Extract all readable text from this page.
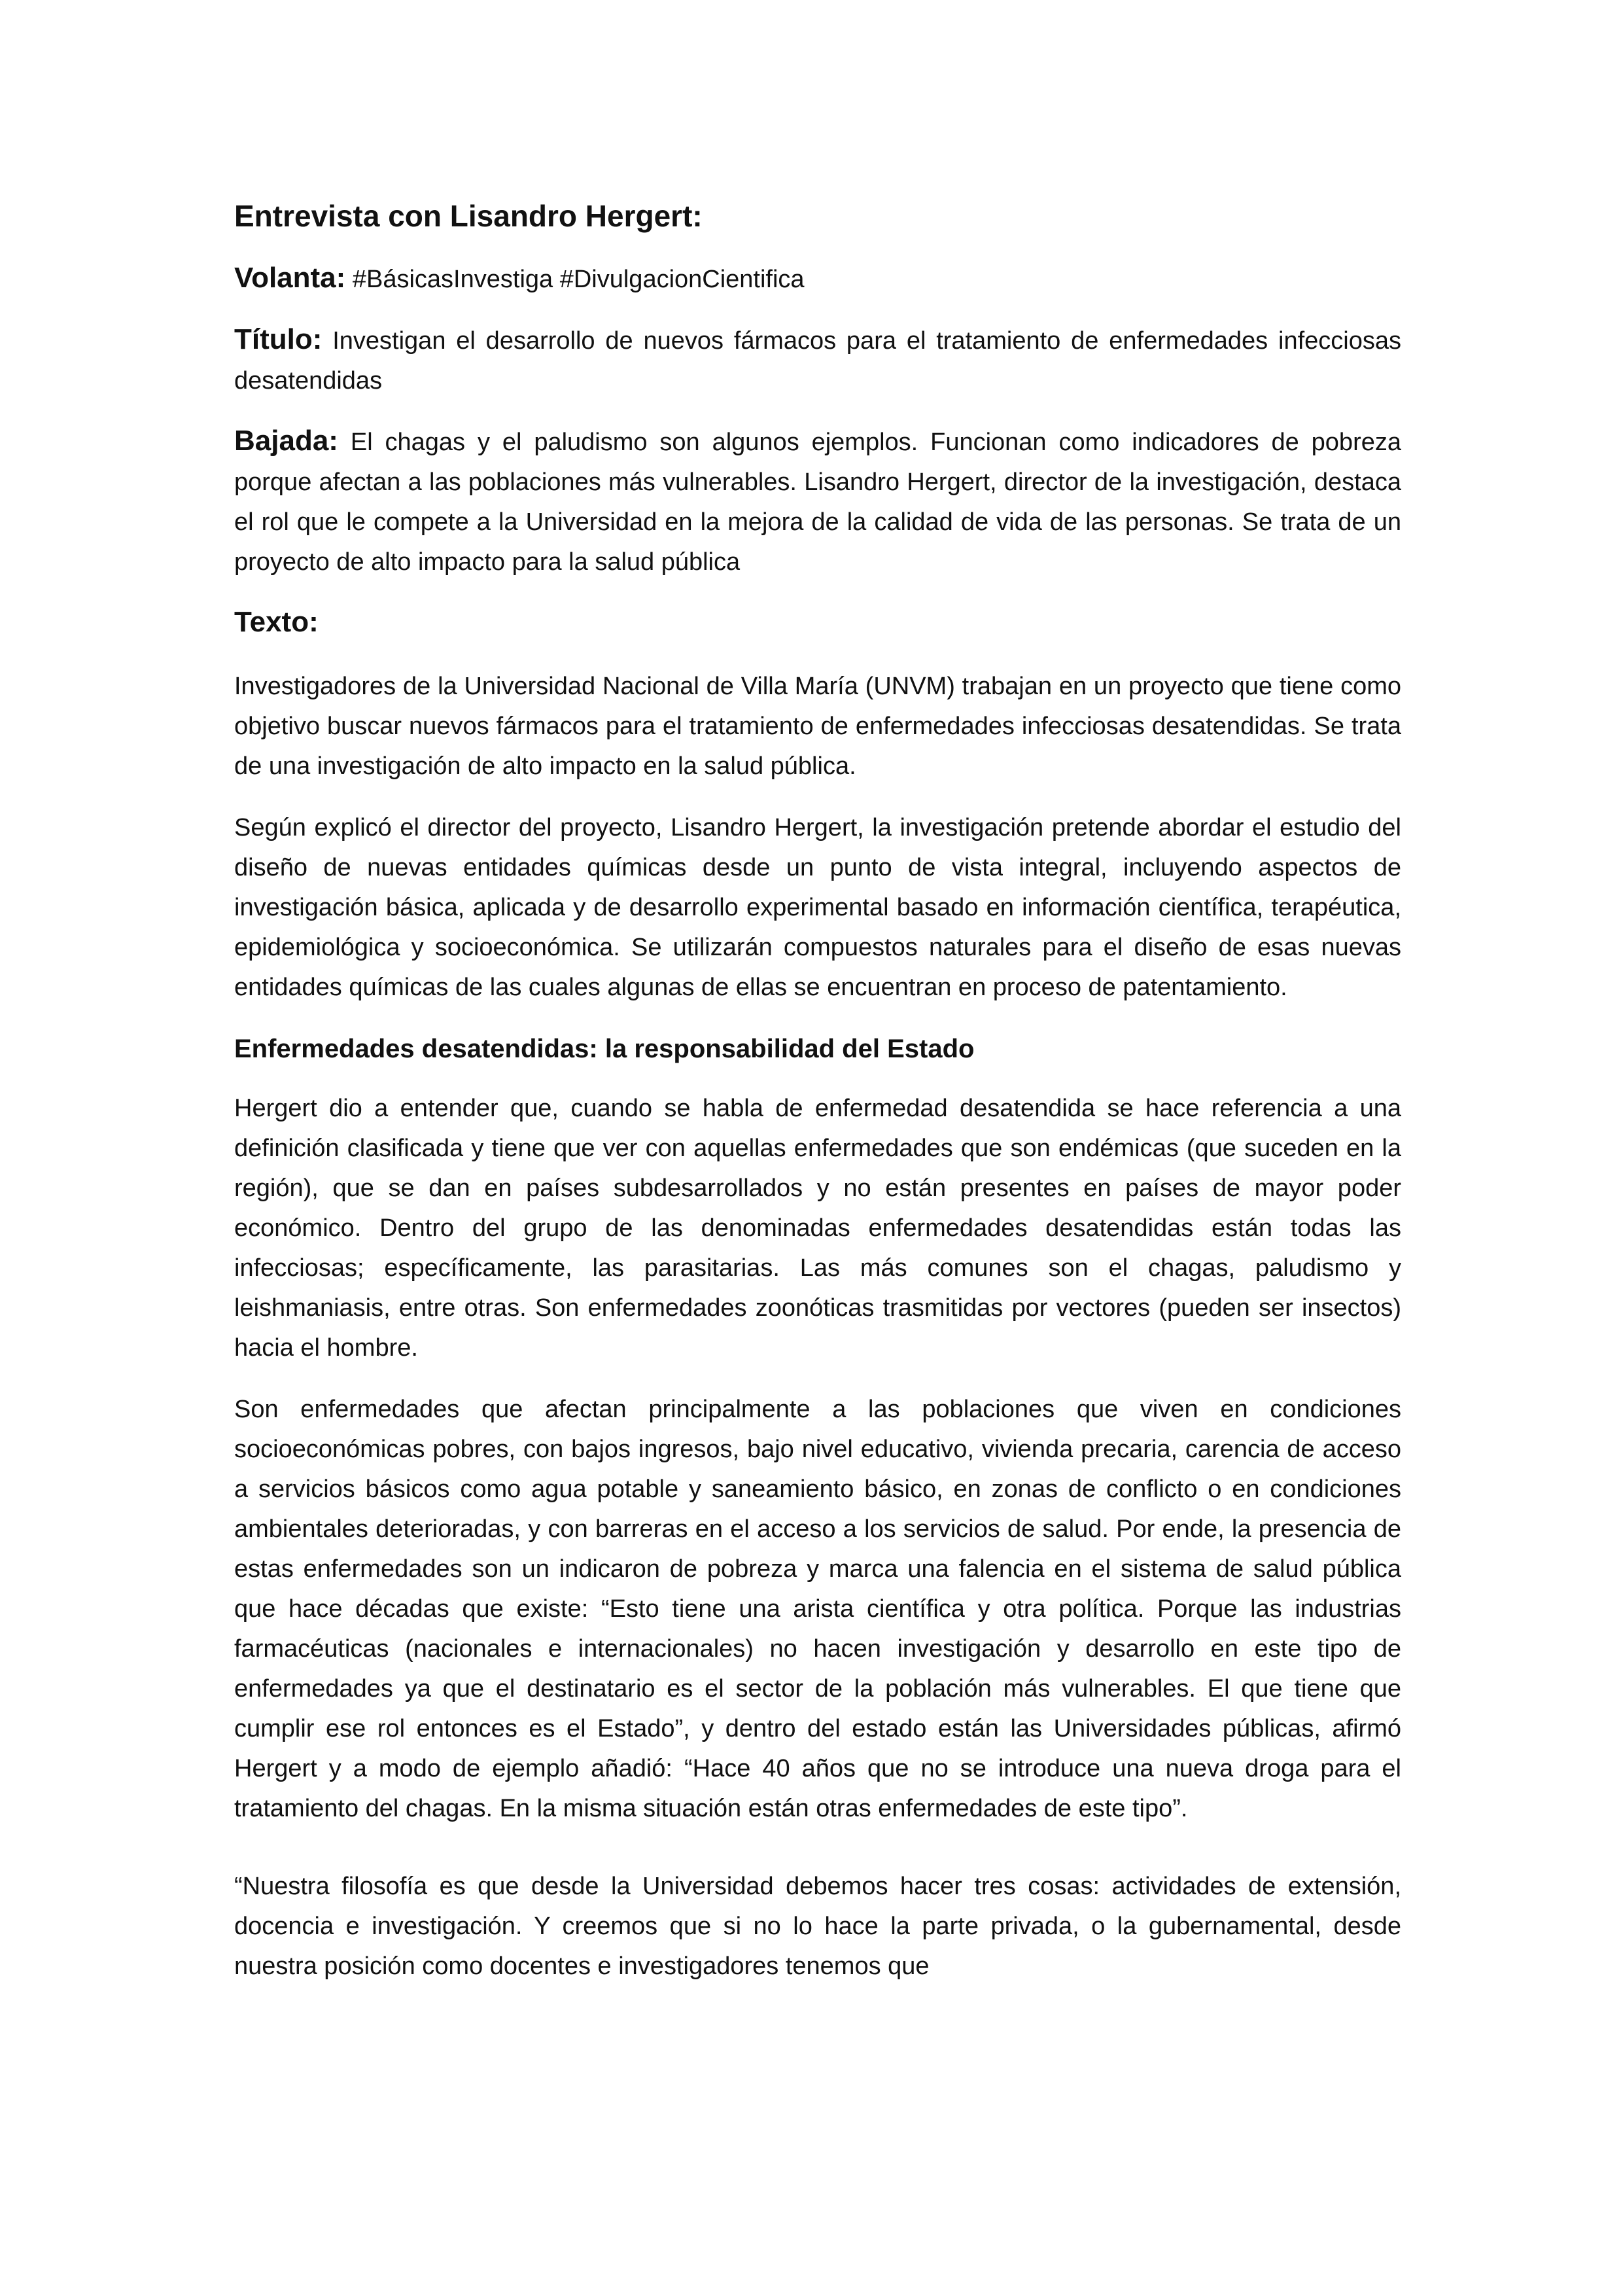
Entrevista con Lisandro Hergert:

Volanta: #BásicasInvestiga #DivulgacionCientifica

Título: Investigan el desarrollo de nuevos fármacos para el tratamiento de enfermedades infecciosas desatendidas

Bajada: El chagas y el paludismo son algunos ejemplos. Funcionan como indicadores de pobreza porque afectan a las poblaciones más vulnerables. Lisandro Hergert, director de la investigación, destaca el rol que le compete a la Universidad en la mejora de la calidad de vida de las personas. Se trata de un proyecto de alto impacto para la salud pública

Texto:

Investigadores de la Universidad Nacional de Villa María (UNVM) trabajan en un proyecto que tiene como objetivo buscar nuevos fármacos para el tratamiento de enfermedades infecciosas desatendidas. Se trata de una investigación de alto impacto en la salud pública.

Según explicó el director del proyecto, Lisandro Hergert, la investigación pretende abordar el estudio del diseño de nuevas entidades químicas desde un punto de vista integral, incluyendo aspectos de investigación básica, aplicada y de desarrollo experimental basado en información científica, terapéutica, epidemiológica y socioeconómica. Se utilizarán compuestos naturales para el diseño de esas nuevas entidades químicas de las cuales algunas de ellas se encuentran en proceso de patentamiento.

Enfermedades desatendidas: la responsabilidad del Estado

Hergert dio a entender que, cuando se habla de enfermedad desatendida se hace referencia a una definición clasificada y tiene que ver con aquellas enfermedades que son endémicas (que suceden en la región), que se dan en países subdesarrollados y no están presentes en países de mayor poder económico. Dentro del grupo de las denominadas enfermedades desatendidas están todas las infecciosas; específicamente, las parasitarias. Las más comunes son el chagas, paludismo y leishmaniasis, entre otras. Son enfermedades zoonóticas trasmitidas por vectores (pueden ser insectos) hacia el hombre.

Son enfermedades que afectan principalmente a las poblaciones que viven en condiciones socioeconómicas pobres, con bajos ingresos, bajo nivel educativo, vivienda precaria, carencia de acceso a servicios básicos como agua potable y saneamiento básico, en zonas de conflicto o en condiciones ambientales deterioradas, y con barreras en el acceso a los servicios de salud. Por ende, la presencia de estas enfermedades son un indicaron de pobreza y marca una falencia en el sistema de salud pública que hace décadas que existe: “Esto tiene una arista científica y otra política. Porque las industrias farmacéuticas (nacionales e internacionales) no hacen investigación y desarrollo en este tipo de enfermedades ya que el destinatario es el sector de la población más vulnerables. El que tiene que cumplir ese rol entonces es el Estado”, y dentro del estado están las Universidades públicas, afirmó Hergert y a modo de ejemplo añadió: “Hace 40 años que no se introduce una nueva droga para el tratamiento del chagas. En la misma situación están otras enfermedades de este tipo”.

“Nuestra filosofía es que desde la Universidad debemos hacer tres cosas: actividades de extensión, docencia e investigación. Y creemos que si no lo hace la parte privada, o la gubernamental, desde nuestra posición como docentes e investigadores tenemos que
